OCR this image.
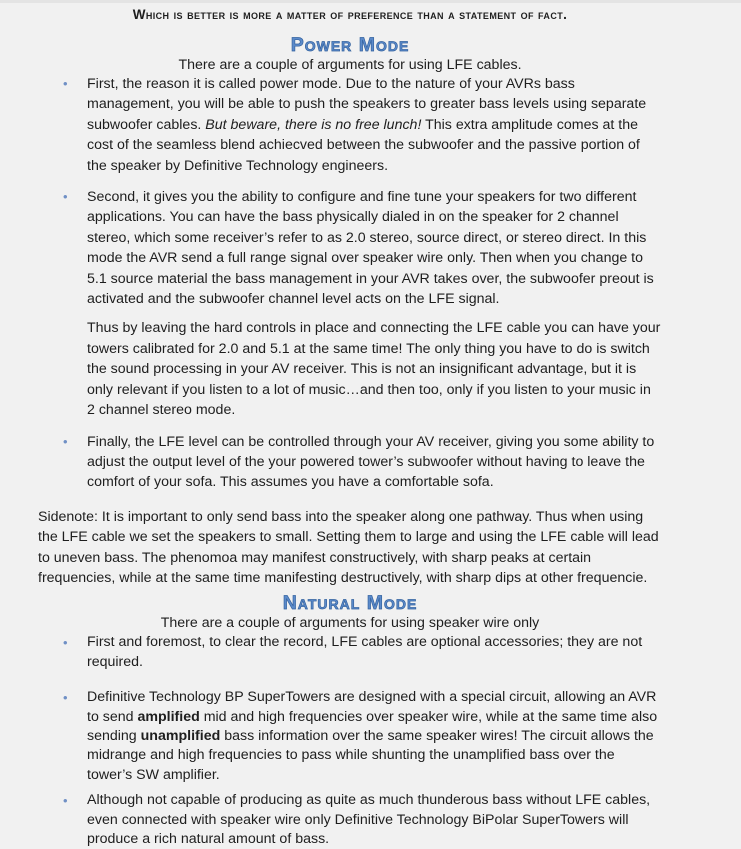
Which is better is more a matter of preference than a statement of fact.

Power Mode

There are a couple of arguments for using LFE cables.

•	First, the reason it is called power mode. Due to the nature of your AVRs bass management, you will be able to push the speakers to greater bass levels using separate subwoofer cables. But beware, there is no free lunch! This extra amplitude comes at the cost of the seamless blend achiecved between the subwoofer and the passive portion of the speaker by Definitive Technology engineers.

•	Second, it gives you the ability to configure and fine tune your speakers for two different applications. You can have the bass physically dialed in on the speaker for 2 channel stereo, which some receiver’s refer to as 2.0 stereo, source direct, or stereo direct. In this mode the AVR send a full range signal over speaker wire only. Then when you change to 5.1 source material the bass management in your AVR takes over, the subwoofer preout is activated and the subwoofer channel level acts on the LFE signal.

Thus by leaving the hard controls in place and connecting the LFE cable you can have your towers calibrated for 2.0 and 5.1 at the same time! The only thing you have to do is switch the sound processing in your AV receiver. This is not an insignificant advantage, but it is only relevant if you listen to a lot of music…and then too, only if you listen to your music in 2 channel stereo mode.

•	Finally, the LFE level can be controlled through your AV receiver, giving you some ability to adjust the output level of the your powered tower’s subwoofer without having to leave the comfort of your sofa. This assumes you have a comfortable sofa.

Sidenote: It is important to only send bass into the speaker along one pathway. Thus when using the LFE cable we set the speakers to small. Setting them to large and using the LFE cable will lead to uneven bass. The phenomoa may manifest constructively, with sharp peaks at certain frequencies, while at the same time manifesting destructively, with sharp dips at other frequencie.

Natural Mode

There are a couple of arguments for using speaker wire only

•	First and foremost, to clear the record, LFE cables are optional accessories; they are not required.

•	Definitive Technology BP SuperTowers are designed with a special circuit, allowing an AVR to send amplified mid and high frequencies over speaker wire, while at the same time also sending unamplified bass information over the same speaker wires! The circuit allows the midrange and high frequencies to pass while shunting the unamplified bass over the tower’s SW amplifier.

•	Although not capable of producing as quite as much thunderous bass without LFE cables, even connected with speaker wire only Definitive Technology BiPolar SuperTowers will produce a rich natural amount of bass.
